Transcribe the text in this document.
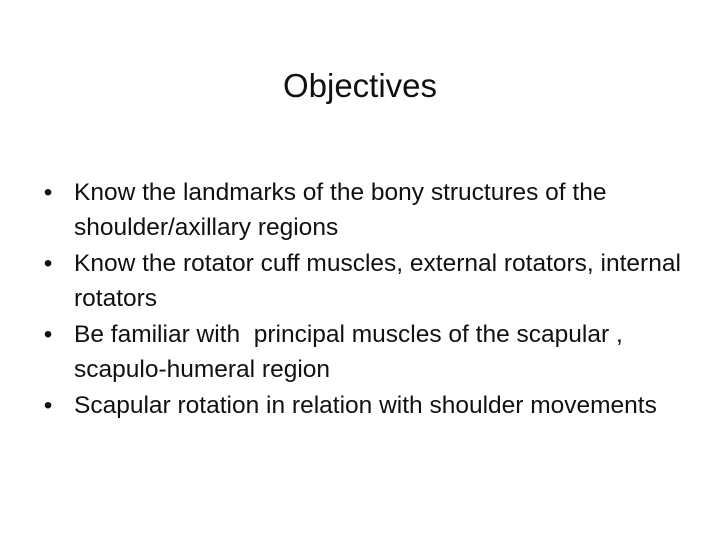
Objectives
• Know the landmarks of the bony structures of the shoulder/axillary regions
• Know the rotator cuff muscles, external rotators, internal rotators
• Be familiar with  principal muscles of the scapular , scapulo-humeral region
• Scapular rotation in relation with shoulder movements
